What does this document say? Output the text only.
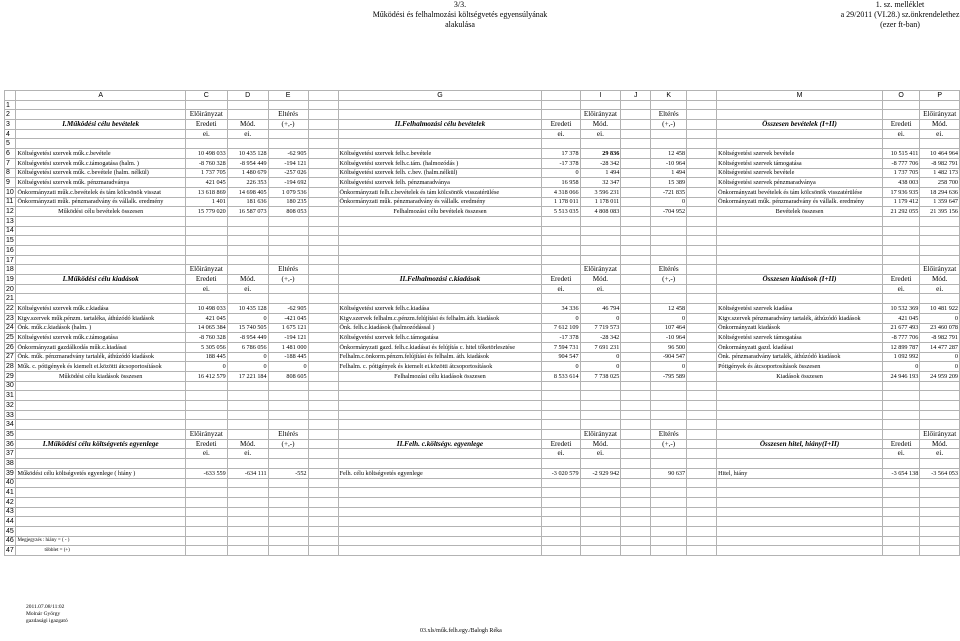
3/3.
Működési és felhalmozási költségvetés egyensúlyának
alakulása
1. sz. melléklet
a 29/2011 (VI.28.) sz.önkrendelethez
(ezer ft-ban)
	A	C	D	E		G		I	J	K		M	O	P
1														
2		Előirányzat		Eltérés				Előirányzat		Eltérés				Előirányzat
3	I.Működési célu bevételek	Eredeti	Mód.	(+,-)		II.Felhalmozási célu bevételek	Eredeti	Mód.		(+,-)		Összesen bevételek (I+II)	Eredeti	Mód.
4		ei.	ei.				ei.	ei.					ei.	ei.
5														
6	Költségvetési szervek műk.c.bevétele	10 498 033	10 435 128	-62 905		Költségvetési szervek felh.c.bevétele	17 378	29 836		12 458		Költségvetési szervek bevétele	10 515 411	10 464 964
7	Költségvetési szervek műk.c.támogatása (halm. )	-8 760 328	-8 954 449	-194 121		Költségvetési szervek felh.c.tám. (halmozódás )	-17 378	-28 342		-10 964		Költségvetési szervek támogatása	-8 777 706	-8 982 791
8	Költségvetési szervek műk. c.bevétele (halm. nélkül)	1 737 705	1 480 679	-257 026		Költségvetési szervek felh. c.bev. (halm.nélkül)	0	1 494		1 494		Költségvetési szervek bevétele	1 737 705	1 482 173
9	Költségvetési szervek műk. pénzmaradványa	421 045	226 353	-194 692		Költségvetési szervek felh. pénzmaradványa	16 958	32 347		15 389		Költségvetési szervek pénzmaradványa	438 003	258 700
10	Önkormányzati műk.c.bevételek és tám kölcsönök visszat	13 618 869	14 698 405	1 079 536		Önkormányzati felh.c.bevételek és tám kölcsönök visszatérülése	4 318 066	3 596 231		-721 835		Önkormányzati bevételek és tám kölcsönök visszatérülése	17 936 935	18 294 636
11	Önkormányzati műk. pénzmaradvány és vállalk. eredmény	1 401	181 636	180 235		Önkormányzati műk. pénzmaradvány és vállalk. eredmény	1 178 011	1 178 011		0		Önkormányzati műk. pénzmaradvány és vállalk. eredmény	1 179 412	1 359 647
12	Működési célu bevételek összesen	15 779 020	16 587 073	808 053		Felhalmozási célu bevételek összesen	5 513 035	4 808 083		-704 952		Bevételek összesen	21 292 055	21 395 156
13														
14														
15														
16														
17														
18		Előirányzat		Eltérés				Előirányzat		Eltérés				Előirányzat
19	I.Működési célu kiadások	Eredeti	Mód.	(+,-)		II.Felhalmozási c.kiadások	Eredeti	Mód.		(+,-)		Összesen kiadások (I+II)	Eredeti	Mód.
20		ei.	ei.				ei.	ei.					ei.	ei.
21														
22	Költségvetési szervek műk.c.kiadása	10 498 033	10 435 128	-62 905		Költségvetési szervek felh.c.kiadása	34 336	46 794		12 458		Költségvetési szervek kiadása	10 532 369	10 481 922
23	Ktgv.szervek műk.pénzm. tartaléka, áthúzódó kiadások	421 045	0	-421 045		Ktgv.szervek felhalm.c.pénzm.felújítási és felhalm.áth. kiadások	0	0		0		Ktgv.szervek pénzmaradvány tartalék, áthúzódó kiadások	421 045	0
24	Önk. műk.c.kiadások (halm. )	14 065 384	15 740 505	1 675 121		Önk. felh.c.kiadások (halmozódással )	7 612 109	7 719 573		107 464		Önkormányzati kiadások	21 677 493	23 460 078
25	Költségvetési szervek műk.c.támogatása	-8 760 328	-8 954 449	-194 121		Költségvetési szervek felh.c.támogatása	-17 378	-28 342		-10 964		Költségvetési szervek támogatása	-8 777 706	-8 982 791
26	Önkormányzati gazdálkodás műk.c.kiadásai	5 305 056	6 786 056	1 481 000		Önkormányzati gazd. felh.c.kiadásai és felújítás c. hitel tőketörlesztése	7 594 731	7 691 231		96 500		Önkormányzati gazd. kiadásai	12 899 787	14 477 287
27	Önk. műk. pénzmaradvány tartalék, áthúzódó kiadások	188 445	0	-188 445		Felhalm.c.önkorm.pénzm.felújítási és felhalm. áth. kiadások	904 547	0		-904 547		Önk. pénzmaradvány tartalék, áthúzódó kiadások	1 092 992	0
28	Műk. c. pótigények és kiemelt ei.közötti átcsoportosítások	0	0	0		Felhalm. c. pótigények és kiemelt ei.közötti átcsoportosítások	0	0		0		Pótigények és átcsoportosítások összesen	0	0
29	Működési célu kiadások összesen	16 412 579	17 221 184	808 605		Felhalmozási célu kiadások összesen	8 533 614	7 738 025		-795 589		Kiadások összesen	24 946 193	24 959 209
30														
31														
32														
33														
34														
35		Előirányzat		Eltérés				Előirányzat		Eltérés				Előirányzat
36	I.Működési célu költségvetés egyenlege	Eredeti	Mód.	(+,-)		II.Felh. c.költségv. egyenlege	Eredeti	Mód.		(+,-)		Összesen hitel, hiány(I+II)	Eredeti	Mód.
37		ei.	ei.				ei.	ei.					ei.	ei.
38														
39	Működési célu költségvetés egyenlege ( hiány )	-633 559	-634 111	-552		Felh. célu költségvetés egyenlege	-3 020 579	-2 929 942		90 637		Hitel, hiány	-3 654 138	-3 564 053
40														
41														
42														
43														
44														
45														
46	Megjegyzés : hiány = ( - )													
47	többlet = (+)													
2011.07.08/11:02
Molnár György
gazdasági igazgató
03.xls/műk.felh.egy./Balogh Réka
